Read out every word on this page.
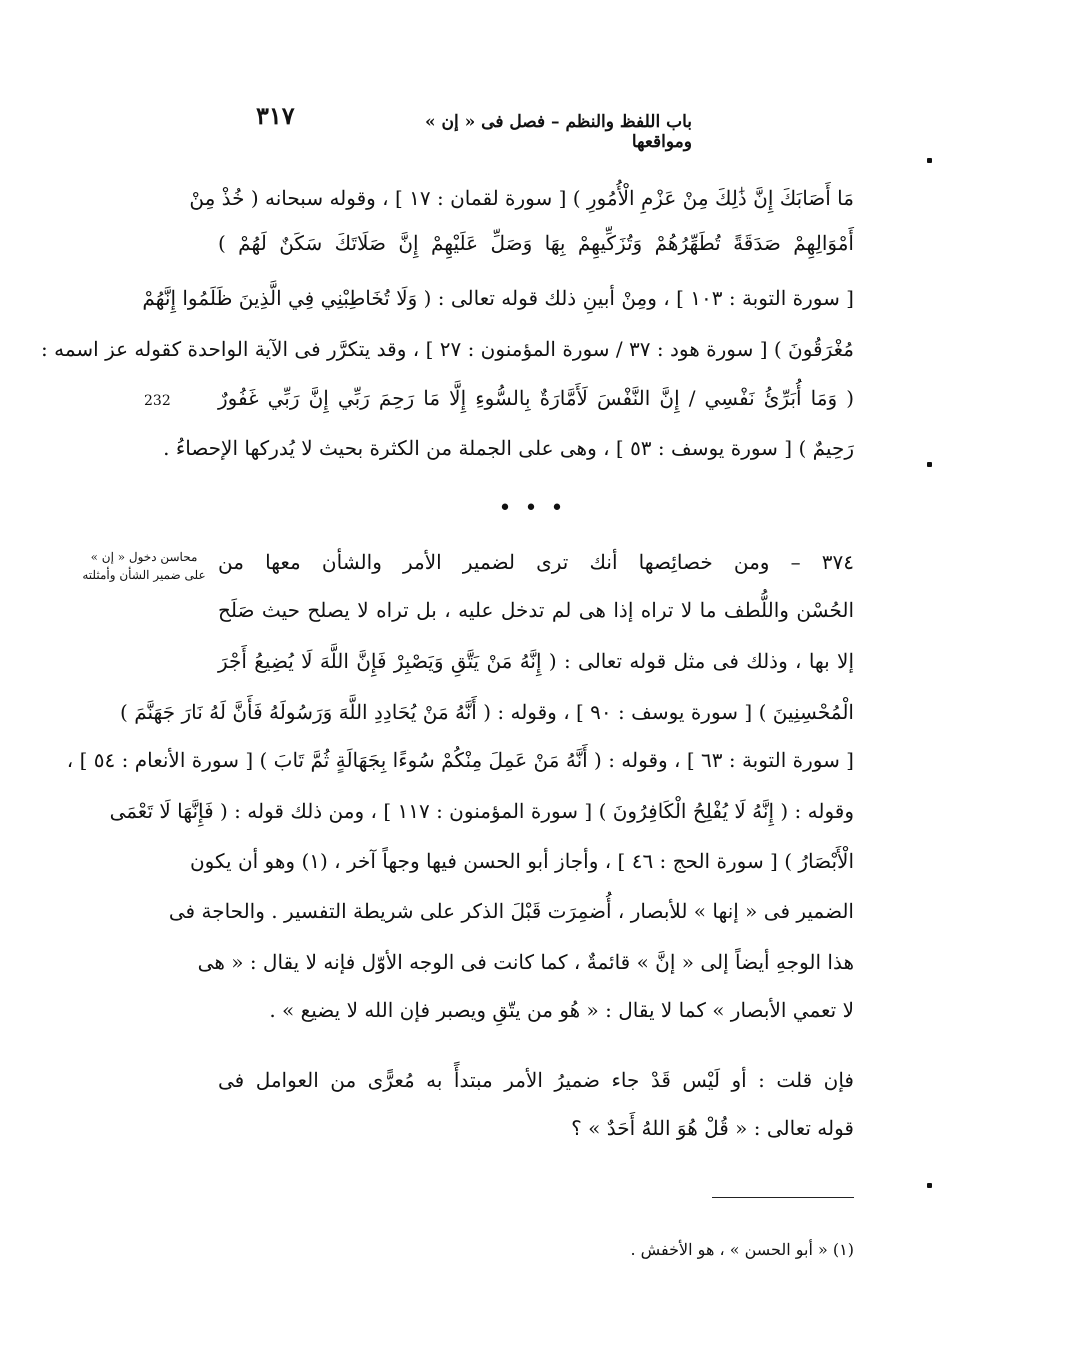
باب اللفظ والنظم – فصل فى « إن » ومواقعها
٣١٧
مَا أَصَابَكَ إِنَّ ذَٰلِكَ مِنْ عَزْمِ الْأُمُورِ ) [ سورة لقمان : ١٧ ] ، وقوله سبحانه ( خُذْ مِنْ
أَمْوَالِهِمْ صَدَقَةً تُطَهِّرُهُمْ وَتُزَكِّيهِمْ بِهَا وَصَلِّ عَلَيْهِمْ إِنَّ صَلَاتَكَ سَكَنٌ لَهُمْ )
[ سورة التوبة : ١٠٣ ] ، ومِنْ أبينِ ذلك قوله تعالى : ( وَلَا تُخَاطِبْنِي فِي الَّذِينَ ظَلَمُوا إِنَّهُمْ
مُغْرَقُونَ ) [ سورة هود : ٣٧ / سورة المؤمنون : ٢٧ ] ، وقد يتكرَّر فى الآية الواحدة كقوله عز اسمه :
( وَمَا أُبَرِّئُ نَفْسِي / إِنَّ النَّفْسَ لَأَمَّارَةٌ بِالسُّوءِ إِلَّا مَا رَحِمَ رَبِّي إِنَّ رَبِّي غَفُورٌ
رَحِيمٌ ) [ سورة يوسف : ٥٣ ] ، وهى على الجملة من الكثرة بحيث لا يُدركها الإحصاءُ .
232
• • •
محاسن دخول « إن »
على ضمير الشأن وأمثلته
٣٧٤ – ومن خصائِصها أنك ترى لضمير الأمر والشأن معها من
الحُسْن واللُّطف ما لا تراه إذا هى لم تدخل عليه ، بل تراه لا يصلح حيث صَلَح
إلا بها ، وذلك فى مثل قوله تعالى : ( إِنَّهُ مَنْ يَتَّقِ وَيَصْبِرْ فَإِنَّ اللَّهَ لَا يُضِيعُ أَجْرَ
الْمُحْسِنِينَ ) [ سورة يوسف : ٩٠ ] ، وقوله : ( أَنَّهُ مَنْ يُحَادِدِ اللَّهَ وَرَسُولَهُ فَأَنَّ لَهُ نَارَ جَهَنَّمَ )
[ سورة التوبة : ٦٣ ] ، وقوله : ( أَنَّهُ مَنْ عَمِلَ مِنْكُمْ سُوءًا بِجَهَالَةٍ ثُمَّ تَابَ ) [ سورة الأنعام : ٥٤ ] ،
وقوله : ( إِنَّهُ لَا يُفْلِحُ الْكَافِرُونَ ) [ سورة المؤمنون : ١١٧ ] ، ومن ذلك قوله : ( فَإِنَّهَا لَا تَعْمَى
الْأَبْصَارُ ) [ سورة الحج : ٤٦ ] ، وأجاز أبو الحسن فيها وجهاً آخر ، (١) وهو أن يكون
الضمير فى « إنها » للأبصار ، أُضمِرَت قَبْلَ الذكر على شريطة التفسير . والحاجة فى
هذا الوجهِ أيضاً إلى « إنَّ » قائمةٌ ، كما كانت فى الوجه الأوّل فإنه لا يقال : « هى
لا تعمي الأبصار » كما لا يقال : « هُو من يتّقِ ويصبر فإن الله لا يضيع » .
فإن قلت : أو لَيْس قَدْ جاء ضميرُ الأمر مبتدأً به مُعرًّى من العوامل فى
قوله تعالى : « قُلْ هُوَ اللهُ أَحَدٌ » ؟
(١) « أبو الحسن » ، هو الأخفش .
